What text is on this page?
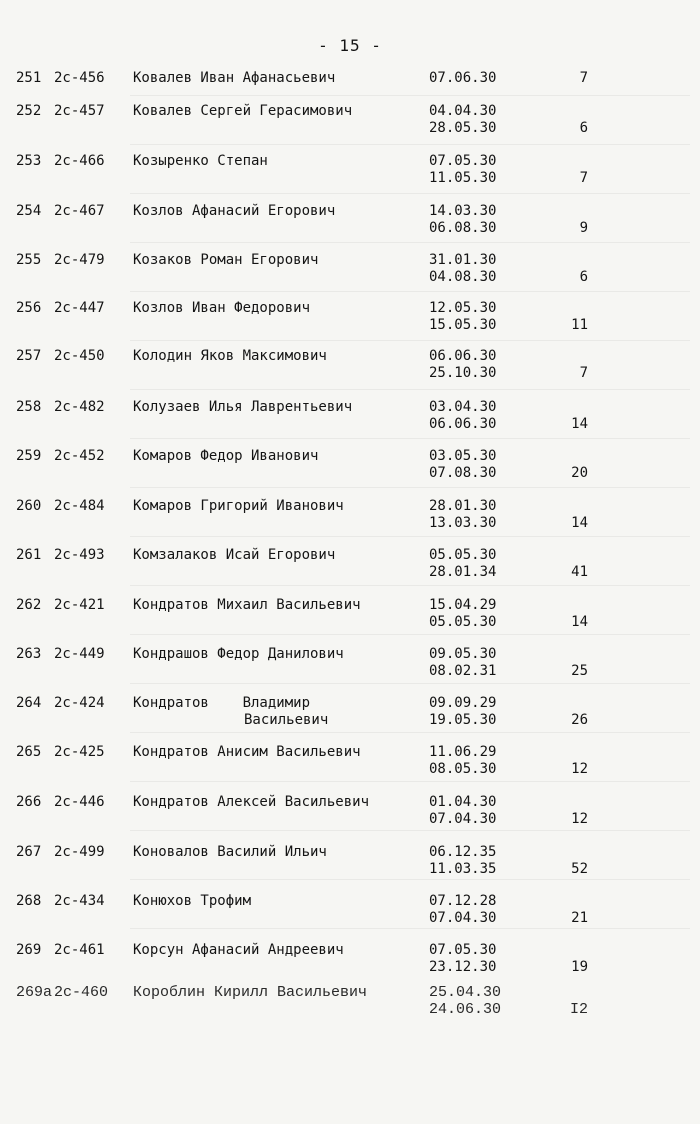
- 15 -
251 2с-456 Ковалев Иван Афанасьевич	07.06.30	7
252 2с-457 Ковалев Сергей Герасимович	04.04.30
28.05.30	6
253 2с-466 Козыренко Степан	07.05.30
11.05.30	7
254 2с-467 Козлов Афанасий Егорович	14.03.30
06.08.30	9
255 2с-479 Козаков Роман Егорович	31.01.30
04.08.30	6
256 2с-447 Козлов Иван Федорович	12.05.30
15.05.30	11
257 2с-450 Колодин Яков Максимович	06.06.30
25.10.30	7
258 2с-482 Колузаев Илья Лаврентьевич	03.04.30
06.06.30	14
259 2с-452 Комаров Федор Иванович	03.05.30
07.08.30	20
260 2с-484 Комаров Григорий Иванович	28.01.30
13.03.30	14
261 2с-493 Комзалаков Исай Егорович	05.05.30
28.01.34	41
262 2с-421 Кондратов Михаил Васильевич	15.04.29
05.05.30	14
263 2с-449 Кондрашов Федор Данилович	09.05.30
08.02.31	25
264 2с-424 Кондратов    Владимир
Васильевич
09.09.29
19.05.30	26
265 2с-425 Кондратов Анисим Васильевич	11.06.29
08.05.30	12
266 2с-446 Кондратов Алексей Васильевич	01.04.30
07.04.30	12
267 2с-499 Коновалов Василий Ильич	06.12.35
11.03.35	52
268 2с-434 Конюхов Трофим	07.12.28
07.04.30	21
269 2с-461 Корсун Афанасий Андреевич	07.05.30
23.12.30	19
269а 2с-460 Короблин Кирилл Васильевич	25.04.30
24.06.30	I2
